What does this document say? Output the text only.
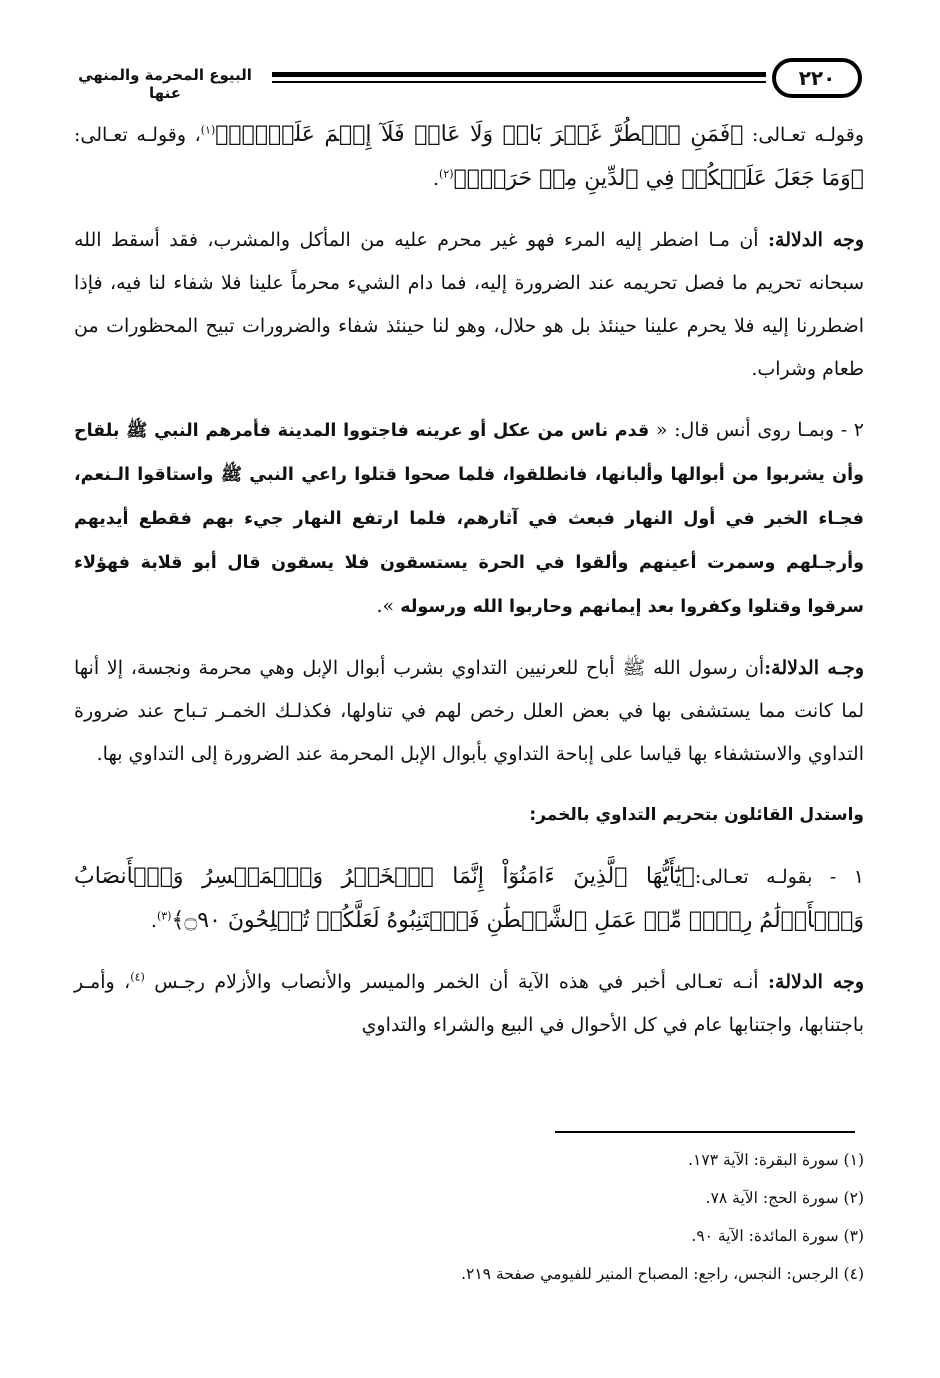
البيوع المحرمة والمنهي عنها
٢٢٠

وقولـه تعـالى: ﴿فَمَنِ ٱضۡطُرَّ غَيۡرَ بَاغٖ وَلَا عَادٖ فَلَآ إِثۡمَ عَلَيۡهِۚ﴾$^{(١)}$، وقولـه تعـالى: ﴿وَمَا جَعَلَ عَلَيۡكُمۡ فِي ٱلدِّينِ مِنۡ حَرَجٖۚ﴾$^{(٢)}$.

وجه الدلالة: أن مـا اضطر إليه المرء فهو غير محرم عليه من المأكل والمشرب، فقد أسقط الله سبحانه تحريم ما فصل تحريمه عند الضرورة إليه، فما دام الشيء محرماً علينا فلا شفاء لنا فيه، فإذا اضطررنا إليه فلا يحرم علينا حينئذ بل هو حلال، وهو لنا حينئذ شفاء والضرورات تبيح المحظورات من طعام وشراب.

٢ - وبمـا روى أنس قال: « قدم ناس من عكل أو عرينه فاجتووا المدينة فأمرهم النبي ﷺ بلقاح وأن يشربوا من أبوالها وألبانها، فانطلقوا، فلما صحوا قتلوا راعي النبي ﷺ واستاقوا الـنعم، فجـاء الخبر في أول النهار فبعث في آثارهم، فلما ارتفع النهار جيء بهم فقطع أيديهم وأرجـلهم وسمرت أعينهم وألقوا في الحرة يستسقون فلا يسقون قال أبو قلابة فهؤلاء سرقوا وقتلوا وكفروا بعد إيمانهم وحاربوا الله ورسوله ».

وجـه الدلالة:أن رسول الله ﷺ أباح للعرنيين التداوي بشرب أبوال الإبل وهي محرمة ونجسة، إلا أنها لما كانت مما يستشفى بها في بعض العلل رخص لهم في تناولها، فكذلـك الخمـر تـباح عند ضرورة التداوي والاستشفاء بها قياسا على إباحة التداوي بأبوال الإبل المحرمة عند الضرورة إلى التداوي بها.

واستدل القائلون بتحريم التداوي بالخمر:

١ - بقولـه تعـالى:﴿يَٰٓأَيُّهَا ٱلَّذِينَ ءَامَنُوٓاْ إِنَّمَا ٱلۡخَمۡرُ وَٱلۡمَيۡسِرُ وَٱلۡأَنصَابُ وَٱلۡأَزۡلَٰمُ رِجۡسٞ مِّنۡ عَمَلِ ٱلشَّيۡطَٰنِ فَٱجۡتَنِبُوهُ لَعَلَّكُمۡ تُفۡلِحُونَ ۝٩٠﴾$^{(٣)}$.

وجه الدلالة: أنـه تعـالى أخبر في هذه الآية أن الخمر والميسر والأنصاب والأزلام رجـس $^{(٤)}$، وأمـر باجتنابها، واجتنابها عام في كل الأحوال في البيع والشراء والتداوي

(١) سورة البقرة: الآية ١٧٣.
(٢) سورة الحج: الآية ٧٨.
(٣) سورة المائدة: الآية ٩٠.
(٤) الرجس: النجس، راجع: المصباح المنير للفيومي صفحة ٢١٩.
